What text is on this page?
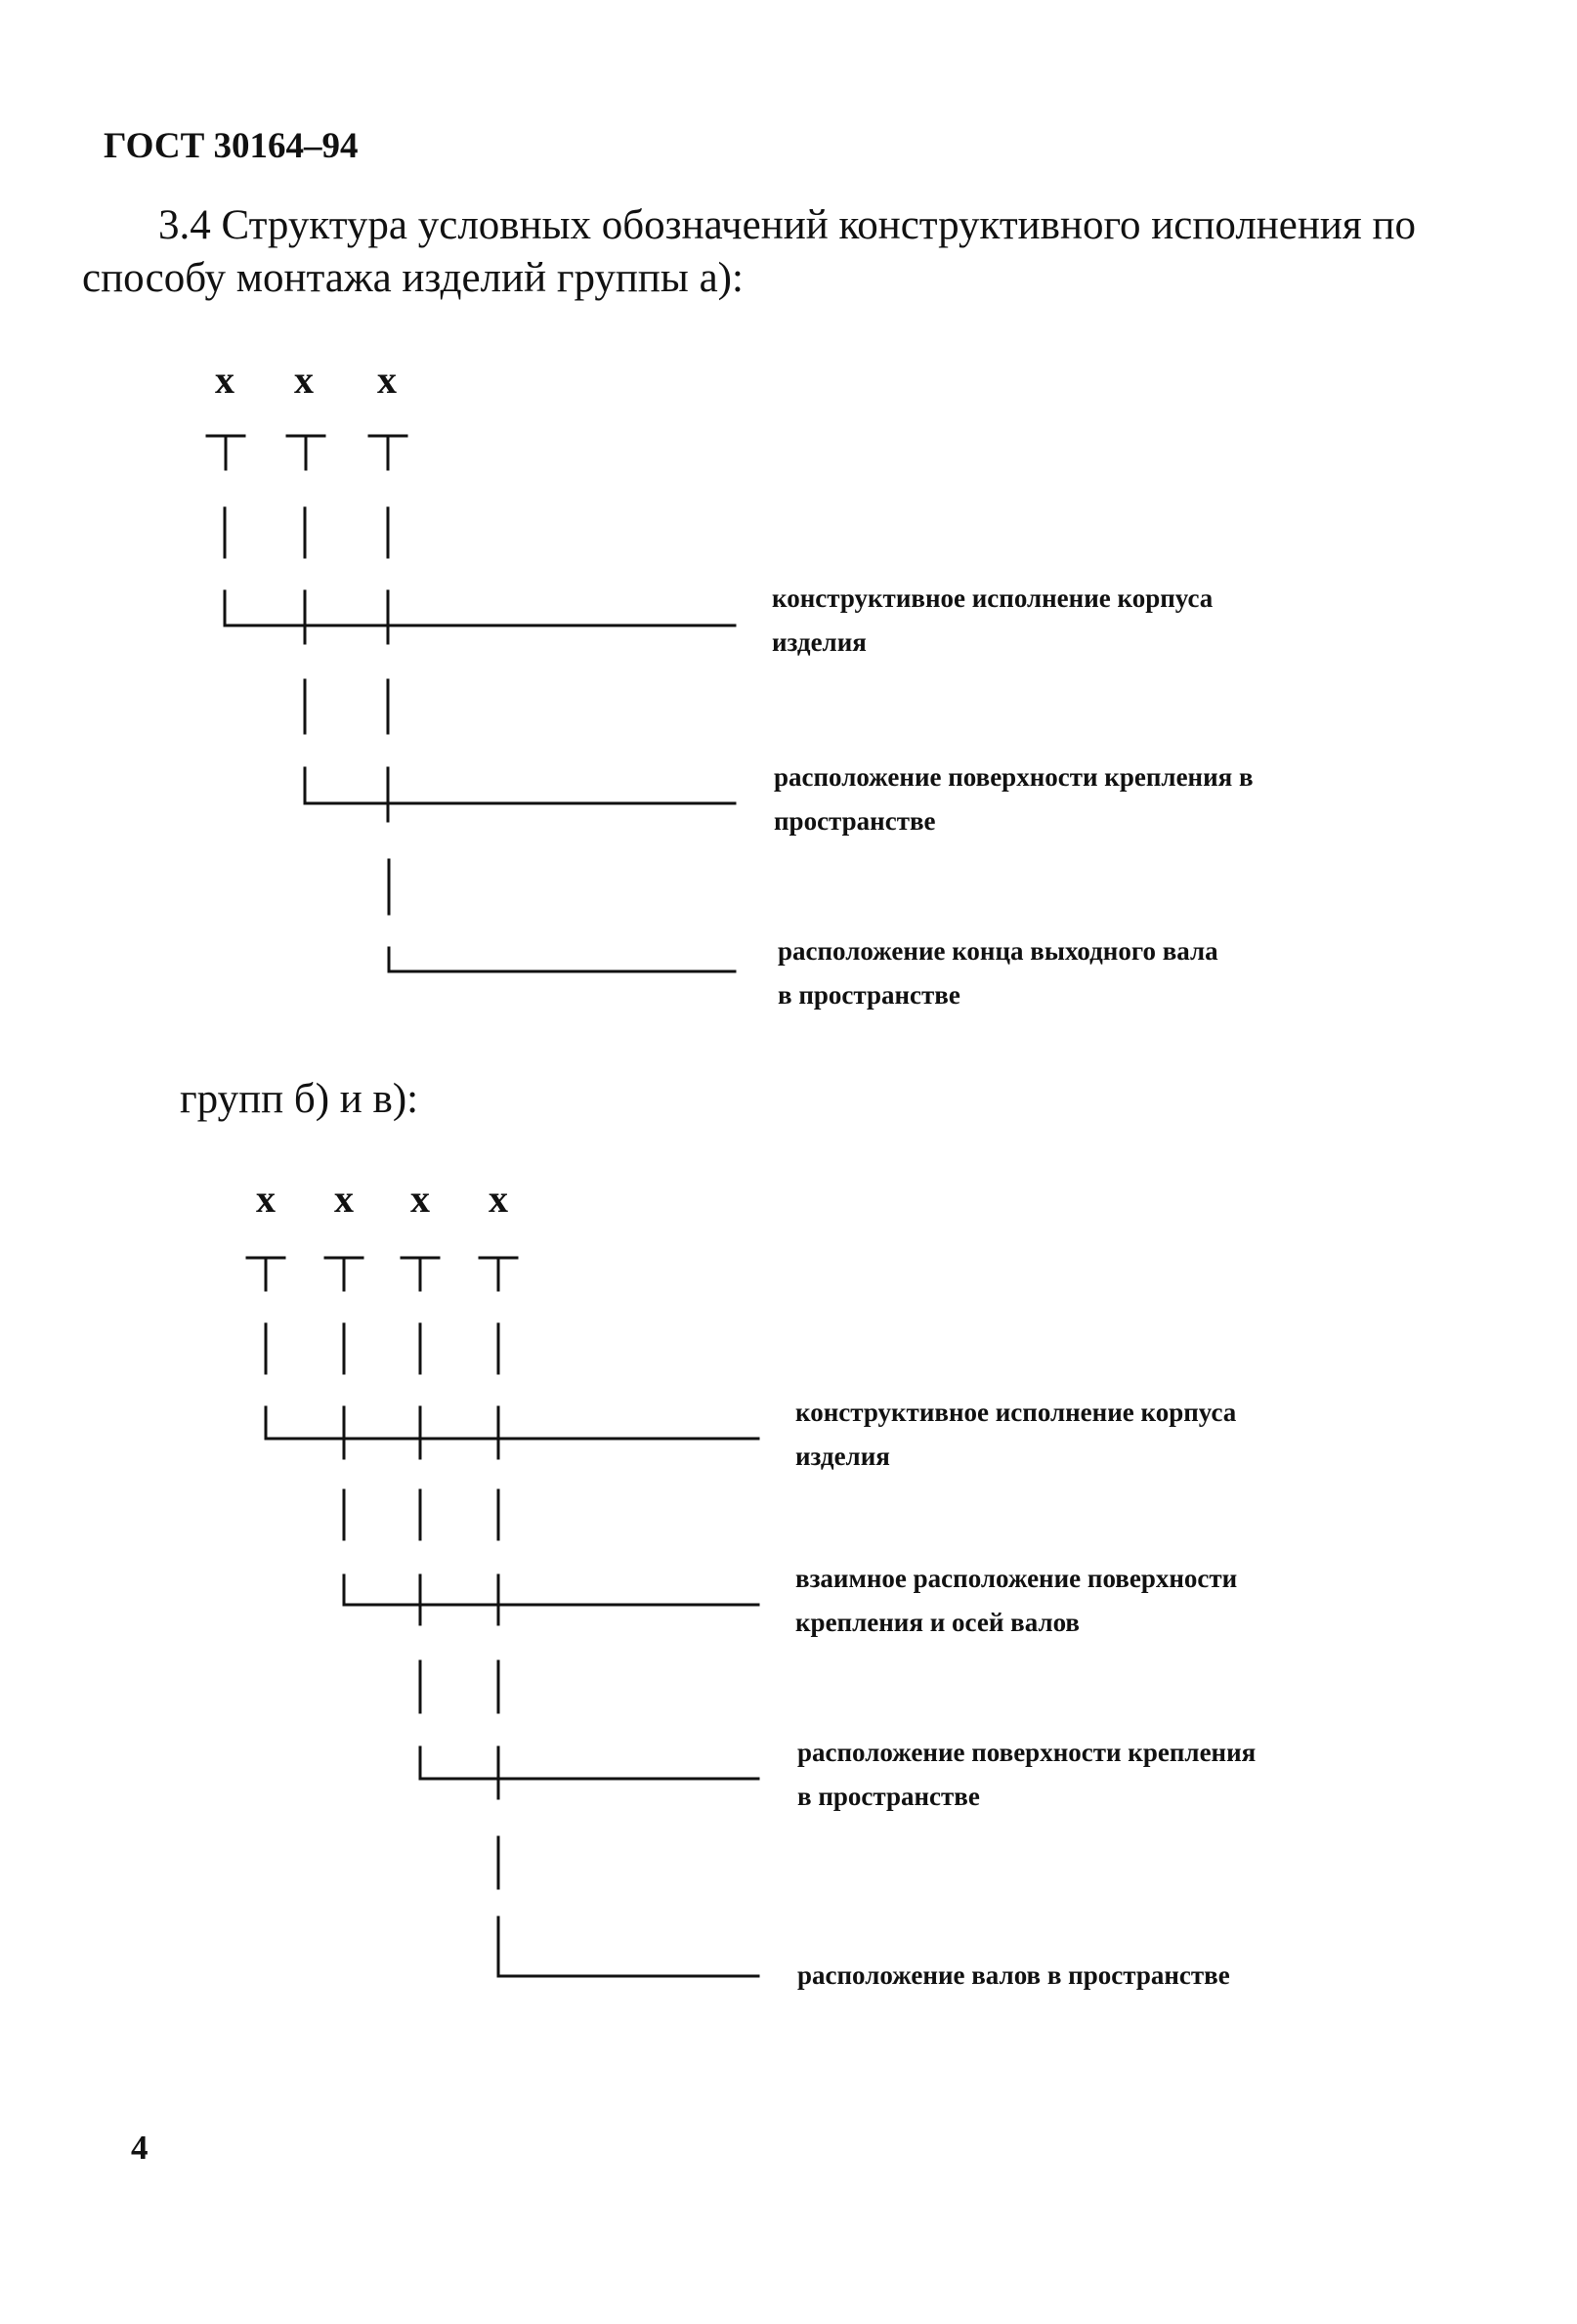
ГОСТ 30164–94
3.4 Структура условных обозначений конструктивного исполнения по способу монтажа изделий группы а):
x x x
конструктивное исполнение корпуса
изделия
расположение поверхности крепления в
пространстве
расположение конца выходного вала
в пространстве
групп б) и в):
x x x x
конструктивное исполнение корпуса
изделия
взаимное расположение поверхности
крепления и осей валов
расположение поверхности крепления
в пространстве
расположение валов в пространстве
4
